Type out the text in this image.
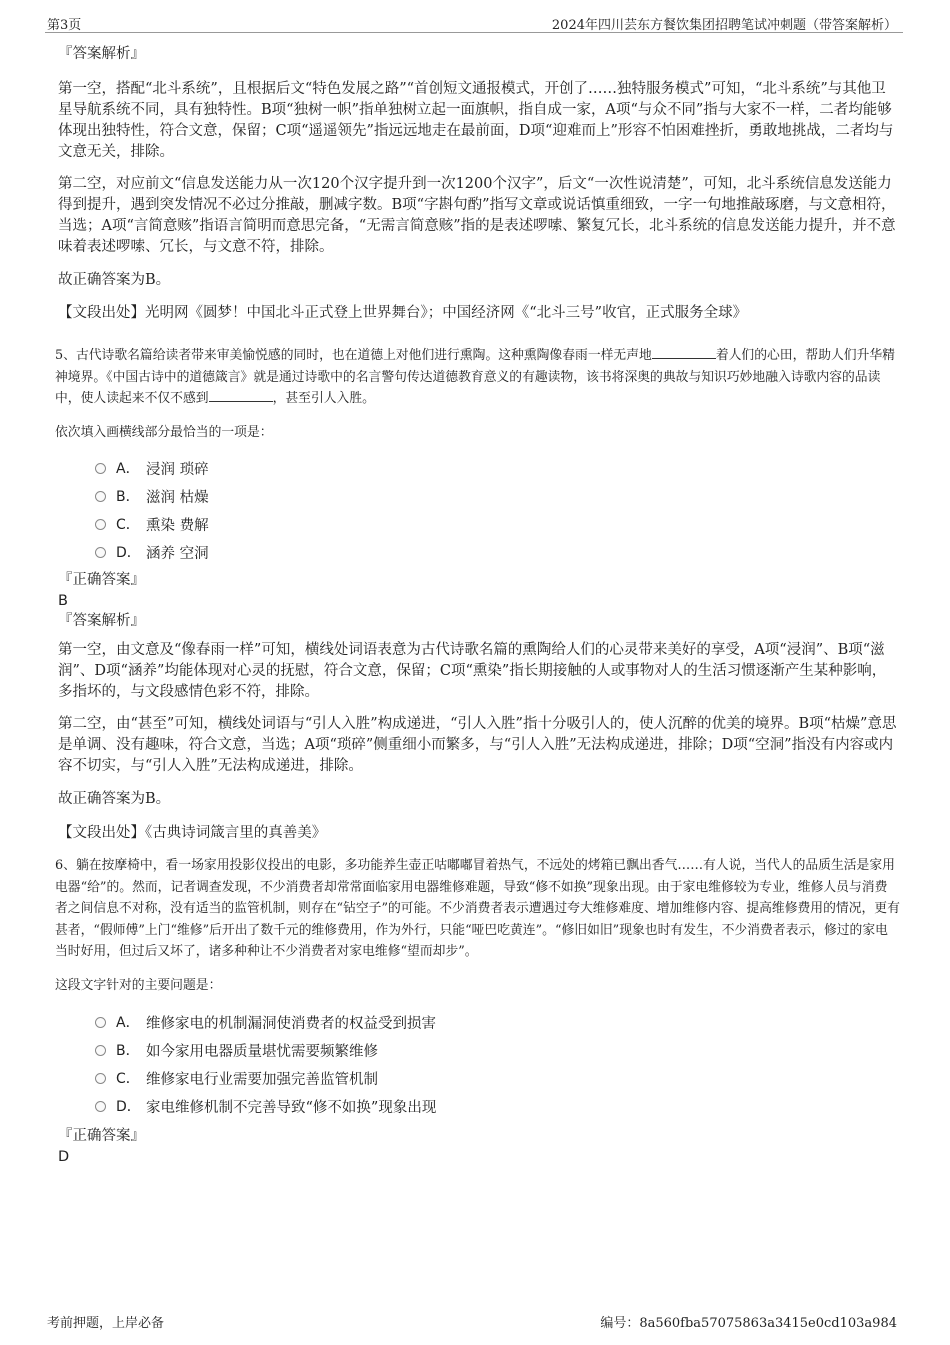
第3页	2024年四川芸东方餐饮集团招聘笔试冲刺题（带答案解析）
『答案解析』

第一空，搭配“北斗系统”，且根据后文“特色发展之路”“首创短文通报模式，开创了……独特服务模式”可知，“北斗系统”与其他卫星导航系统不同，具有独特性。B项“独树一帜”指单独树立起一面旗帜，指自成一家，A项“与众不同”指与大家不一样，二者均能够体现出独特性，符合文意，保留；C项“遥遥领先”指远远地走在最前面，D项“迎难而上”形容不怕困难挫折，勇敢地挑战，二者均与文意无关，排除。

第二空，对应前文“信息发送能力从一次120个汉字提升到一次1200个汉字”，后文“一次性说清楚”，可知，北斗系统信息发送能力得到提升，遇到突发情况不必过分推敲，删减字数。B项“字斟句酌”指写文章或说话慎重细致，一字一句地推敲琢磨，与文意相符，当选；A项“言简意赅”指语言简明而意思完备，“无需言简意赅”指的是表述啰嗦、繁复冗长，北斗系统的信息发送能力提升，并不意味着表述啰嗦、冗长，与文意不符，排除。

故正确答案为B。

【文段出处】光明网《圆梦！中国北斗正式登上世界舞台》；中国经济网《“北斗三号”收官，正式服务全球》

5、古代诗歌名篇给读者带来审美愉悦感的同时，也在道德上对他们进行熏陶。这种熏陶像春雨一样无声地	着人们的心田，帮助人们升华精神境界。《中国古诗中的道德箴言》就是通过诗歌中的名言警句传达道德教育意义的有趣读物，该书将深奥的典故与知识巧妙地融入诗歌内容的品读中，使人读起来不仅不感到	，甚至引人入胜。

依次填入画横线部分最恰当的一项是：

A． 浸润 琐碎
B． 滋润 枯燥
C． 熏染 费解
D． 涵养 空洞
『正确答案』
B
『答案解析』

第一空，由文意及“像春雨一样”可知，横线处词语表意为古代诗歌名篇的熏陶给人们的心灵带来美好的享受，A项“浸润”、B项“滋润”、D项“涵养”均能体现对心灵的抚慰，符合文意，保留；C项“熏染”指长期接触的人或事物对人的生活习惯逐渐产生某种影响，多指坏的，与文段感情色彩不符，排除。

第二空，由“甚至”可知，横线处词语与“引人入胜”构成递进，“引人入胜”指十分吸引人的，使人沉醉的优美的境界。B项“枯燥”意思是单调、没有趣味，符合文意，当选；A项“琐碎”侧重细小而繁多，与“引人入胜”无法构成递进，排除；D项“空洞”指没有内容或内容不切实，与“引人入胜”无法构成递进，排除。

故正确答案为B。

【文段出处】《古典诗词箴言里的真善美》

6、躺在按摩椅中，看一场家用投影仪投出的电影，多功能养生壶正咕嘟嘟冒着热气，不远处的烤箱已飘出香气……有人说，当代人的品质生活是家用电器“给”的。然而，记者调查发现，不少消费者却常常面临家用电器维修难题，导致“修不如换”现象出现。由于家电维修较为专业，维修人员与消费者之间信息不对称，没有适当的监管机制，则存在“钻空子”的可能。不少消费者表示遭遇过夸大维修难度、增加维修内容、提高维修费用的情况，更有甚者，“假师傅”上门“维修”后开出了数千元的维修费用，作为外行，只能“哑巴吃黄连”。“修旧如旧”现象也时有发生，不少消费者表示，修过的家电当时好用，但过后又坏了，诸多种种让不少消费者对家电维修“望而却步”。

这段文字针对的主要问题是：

A． 维修家电的机制漏洞使消费者的权益受到损害
B． 如今家用电器质量堪忧需要频繁维修
C． 维修家电行业需要加强完善监管机制
D． 家电维修机制不完善导致“修不如换”现象出现
『正确答案』
D
考前押题，上岸必备	编号：8a560fba57075863a3415e0cd103a984
